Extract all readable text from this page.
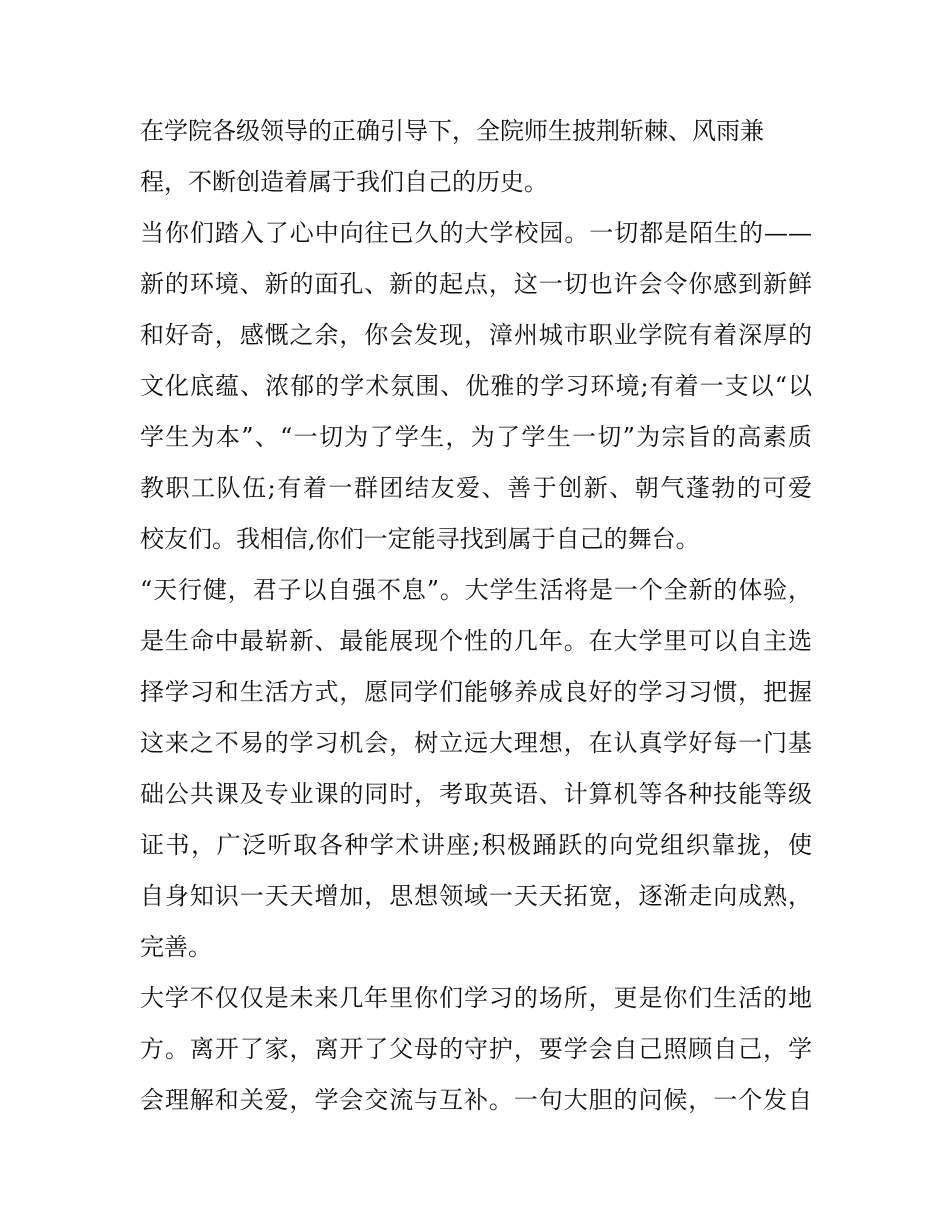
在学院各级领导的正确引导下，全院师生披荆斩棘、风雨兼
程，不断创造着属于我们自己的历史。
当你们踏入了心中向往已久的大学校园。一切都是陌生的——
新的环境、新的面孔、新的起点，这一切也许会令你感到新鲜
和好奇，感慨之余，你会发现，漳州城市职业学院有着深厚的
文化底蕴、浓郁的学术氛围、优雅的学习环境;有着一支以“以
学生为本”、“一切为了学生，为了学生一切”为宗旨的高素质
教职工队伍;有着一群团结友爱、善于创新、朝气蓬勃的可爱
校友们。我相信,你们一定能寻找到属于自己的舞台。
“天行健，君子以自强不息”。大学生活将是一个全新的体验，
是生命中最崭新、最能展现个性的几年。在大学里可以自主选
择学习和生活方式，愿同学们能够养成良好的学习习惯，把握
这来之不易的学习机会，树立远大理想，在认真学好每一门基
础公共课及专业课的同时，考取英语、计算机等各种技能等级
证书，广泛听取各种学术讲座;积极踊跃的向党组织靠拢，使
自身知识一天天增加，思想领域一天天拓宽，逐渐走向成熟，
完善。
大学不仅仅是未来几年里你们学习的场所，更是你们生活的地
方。离开了家，离开了父母的守护，要学会自己照顾自己，学
会理解和关爱，学会交流与互补。一句大胆的问候，一个发自
